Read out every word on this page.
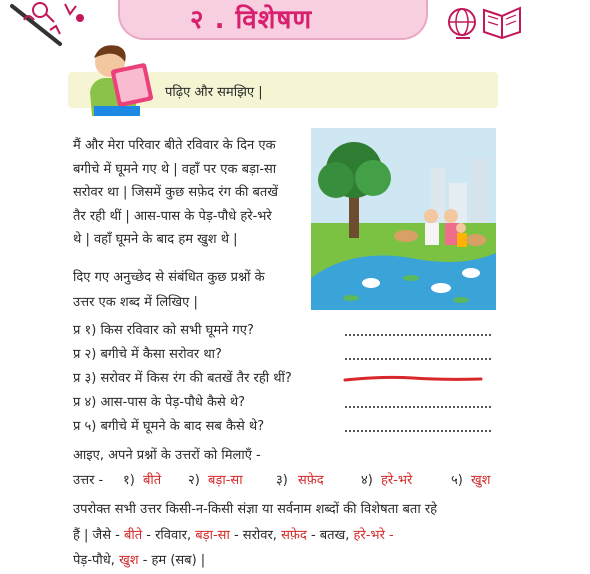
२ . विशेषण
पढ़िए और समझिए |
मैं और मेरा परिवार बीते रविवार के दिन एक
बगीचे में घूमने गए थे | वहाँ पर एक बड़ा-सा
सरोवर था | जिसमें कुछ सफ़ेद रंग की बतखें
तैर रही थीं | आस-पास के पेड़-पौधे हरे-भरे
थे | वहाँ घूमने के बाद हम खुश थे |
दिए गए अनुच्छेद से संबंधित कुछ प्रश्नों के
उत्तर एक शब्द में लिखिए |
प्र १) किस रविवार को सभी घूमने गए?
प्र २) बगीचे में कैसा सरोवर था?
प्र ३) सरोवर में किस रंग की बतखें तैर रही थीं?
प्र ४) आस-पास के पेड़-पौधे कैसे थे?
प्र ५) बगीचे में घूमने के बाद सब कैसे थे?
आइए, अपने प्रश्नों के उत्तरों को मिलाएँ -
उत्तर - १) बीते २) बड़ा-सा	३) सफ़ेद	४) हरे-भरे	५) खुश
उपरोक्त सभी उत्तर किसी-न-किसी संज्ञा या सर्वनाम शब्दों की विशेषता बता रहे
हैं | जैसे - बीते - रविवार, बड़ा-सा - सरोवर, सफ़ेद - बतख, हरे-भरे -
पेड़-पौधे, खुश - हम (सब) |
